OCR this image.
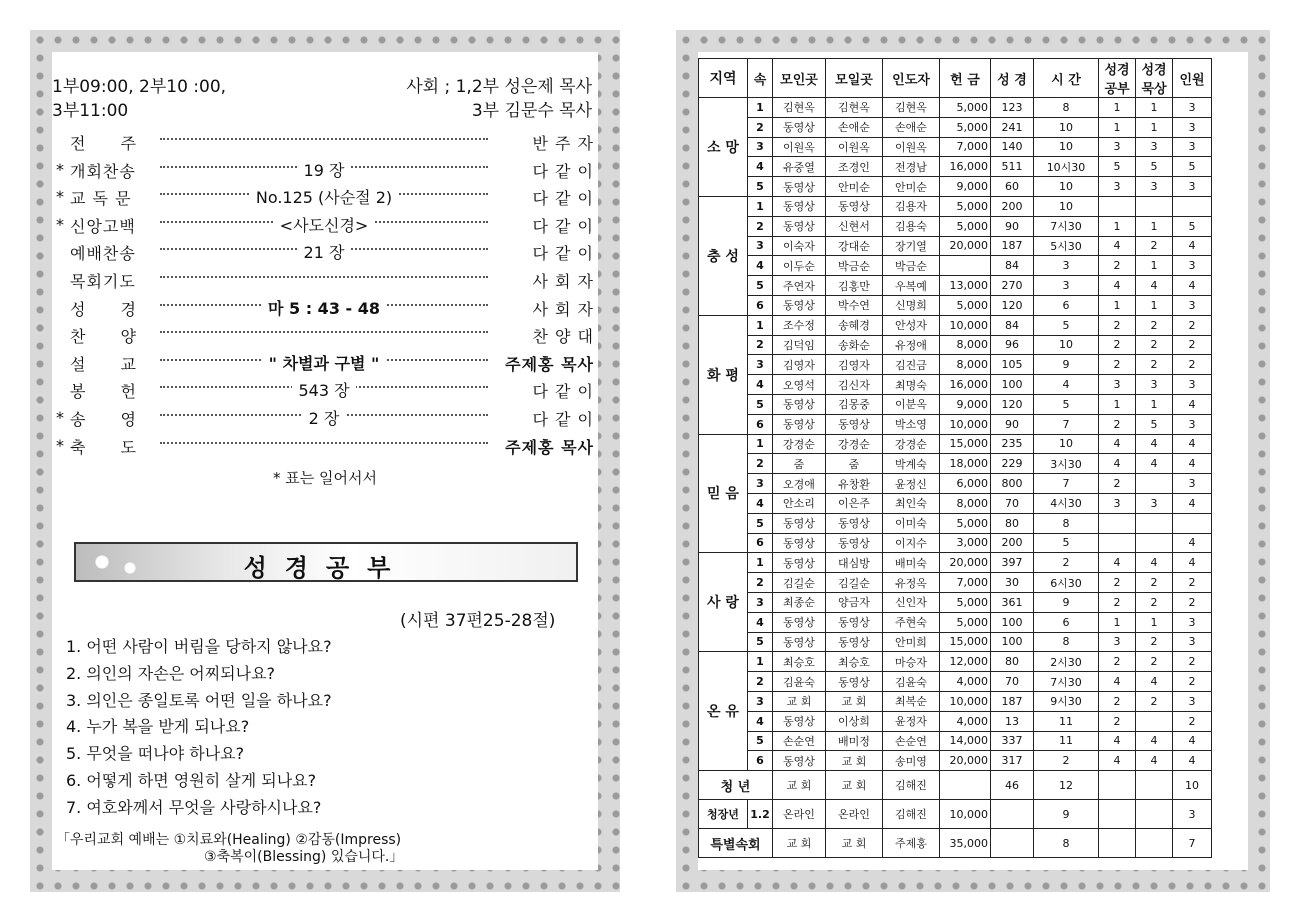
1부09:00, 2부10 :00,
3부11:00
사회 ; 1,2부 성은제 목사
3부 김문수 목사
전　　주	반 주 자
* 개회찬송	19 장	다 같 이
* 교 독 문	No.125 (사순절 2)	다 같 이
* 신앙고백	<사도신경>	다 같 이
예배찬송	21 장	다 같 이
목회기도	사 회 자
성　　경	마 5 : 43 - 48	사 회 자
찬　　양	찬 양 대
설　　교	" 차별과 구별 "	주제홍 목사
봉　　헌	543 장	다 같 이
* 송　　영	2 장	다 같 이
* 축　　도	주제홍 목사
* 표는 일어서서
성경공부
(시편 37편25-28절)
1. 어떤 사람이 버림을 당하지 않나요?
2. 의인의 자손은 어찌되나요?
3. 의인은 종일토록 어떤 일을 하나요?
4. 누가 복을 받게 되나요?
5. 무엇을 떠나야 하나요?
6. 어떻게 하면 영원히 살게 되나요?
7. 여호와께서 무엇을 사랑하시나요?
「우리교회 예배는 ①치료와(Healing) ②감동(Impress)
③축복이(Blessing) 있습니다.」
지역	속	모인곳	모일곳	인도자	헌 금	성 경	시 간	성경공부	성경묵상	인원
소 망	1	김현옥	김현옥	김현옥	5,000	123	8	1	1	3
	2	동영상	손애순	손애순	5,000	241	10	1	1	3
	3	이원옥	이원옥	이원옥	7,000	140	10	3	3	3
	4	유중열	조경인	전경남	16,000	511	10시30	5	5	5
	5	동영상	안미순	안미순	9,000	60	10	3	3	3
충 성	1	동영상	동영상	김용자	5,000	200	10			
	2	동영상	신현서	김용숙	5,000	90	7시30	1	1	5
	3	이숙자	강대순	장기열	20,000	187	5시30	4	2	4
	4	이두순	박금순	박금순		84	3	2	1	3
	5	주연자	김홍만	우복예	13,000	270	3	4	4	4
	6	동영상	박수연	신명희	5,000	120	6	1	1	3
화 평	1	조수정	송혜경	안성자	10,000	84	5	2	2	2
	2	김덕임	송화순	유정애	8,000	96	10	2	2	2
	3	김영자	김영자	김진금	8,000	105	9	2	2	2
	4	오영석	김신자	최명숙	16,000	100	4	3	3	3
	5	동영상	김몽중	이분옥	9,000	120	5	1	1	4
	6	동영상	동영상	박소영	10,000	90	7	2	5	3
믿 음	1	강경순	강경순	강경순	15,000	235	10	4	4	4
	2	줌	줌	박계숙	18,000	229	3시30	4	4	4
	3	오경애	유창환	윤정신	6,000	800	7	2		3
	4	안소리	이은주	최인숙	8,000	70	4시30	3	3	4
	5	동영상	동영상	이미숙	5,000	80	8			
	6	동영상	동영상	이지수	3,000	200	5			4
사 랑	1	동영상	대심방	배미숙	20,000	397	2	4	4	4
	2	김길순	김길순	유정옥	7,000	30	6시30	2	2	2
	3	최종순	양금자	신인자	5,000	361	9	2	2	2
	4	동영상	동영상	주현숙	5,000	100	6	1	1	3
	5	동영상	동영상	안미희	15,000	100	8	3	2	3
온 유	1	최승호	최승호	마승자	12,000	80	2시30	2	2	2
	2	김윤숙	동영상	김윤숙	4,000	70	7시30	4	4	2
	3	교 회	교 회	최복순	10,000	187	9시30	2	2	3
	4	동영상	이상희	윤정자	4,000	13	11	2		2
	5	손순연	배미정	손순연	14,000	337	11	4	4	4
	6	동영상	교 회	송미영	20,000	317	2	4	4	4
청 년		교 회	교 회	김해진		46	12			10
청장년	1.2	온라인	온라인	김해진	10,000		9			3
특별속회		교 회	교 회	주제홍	35,000		8			7
